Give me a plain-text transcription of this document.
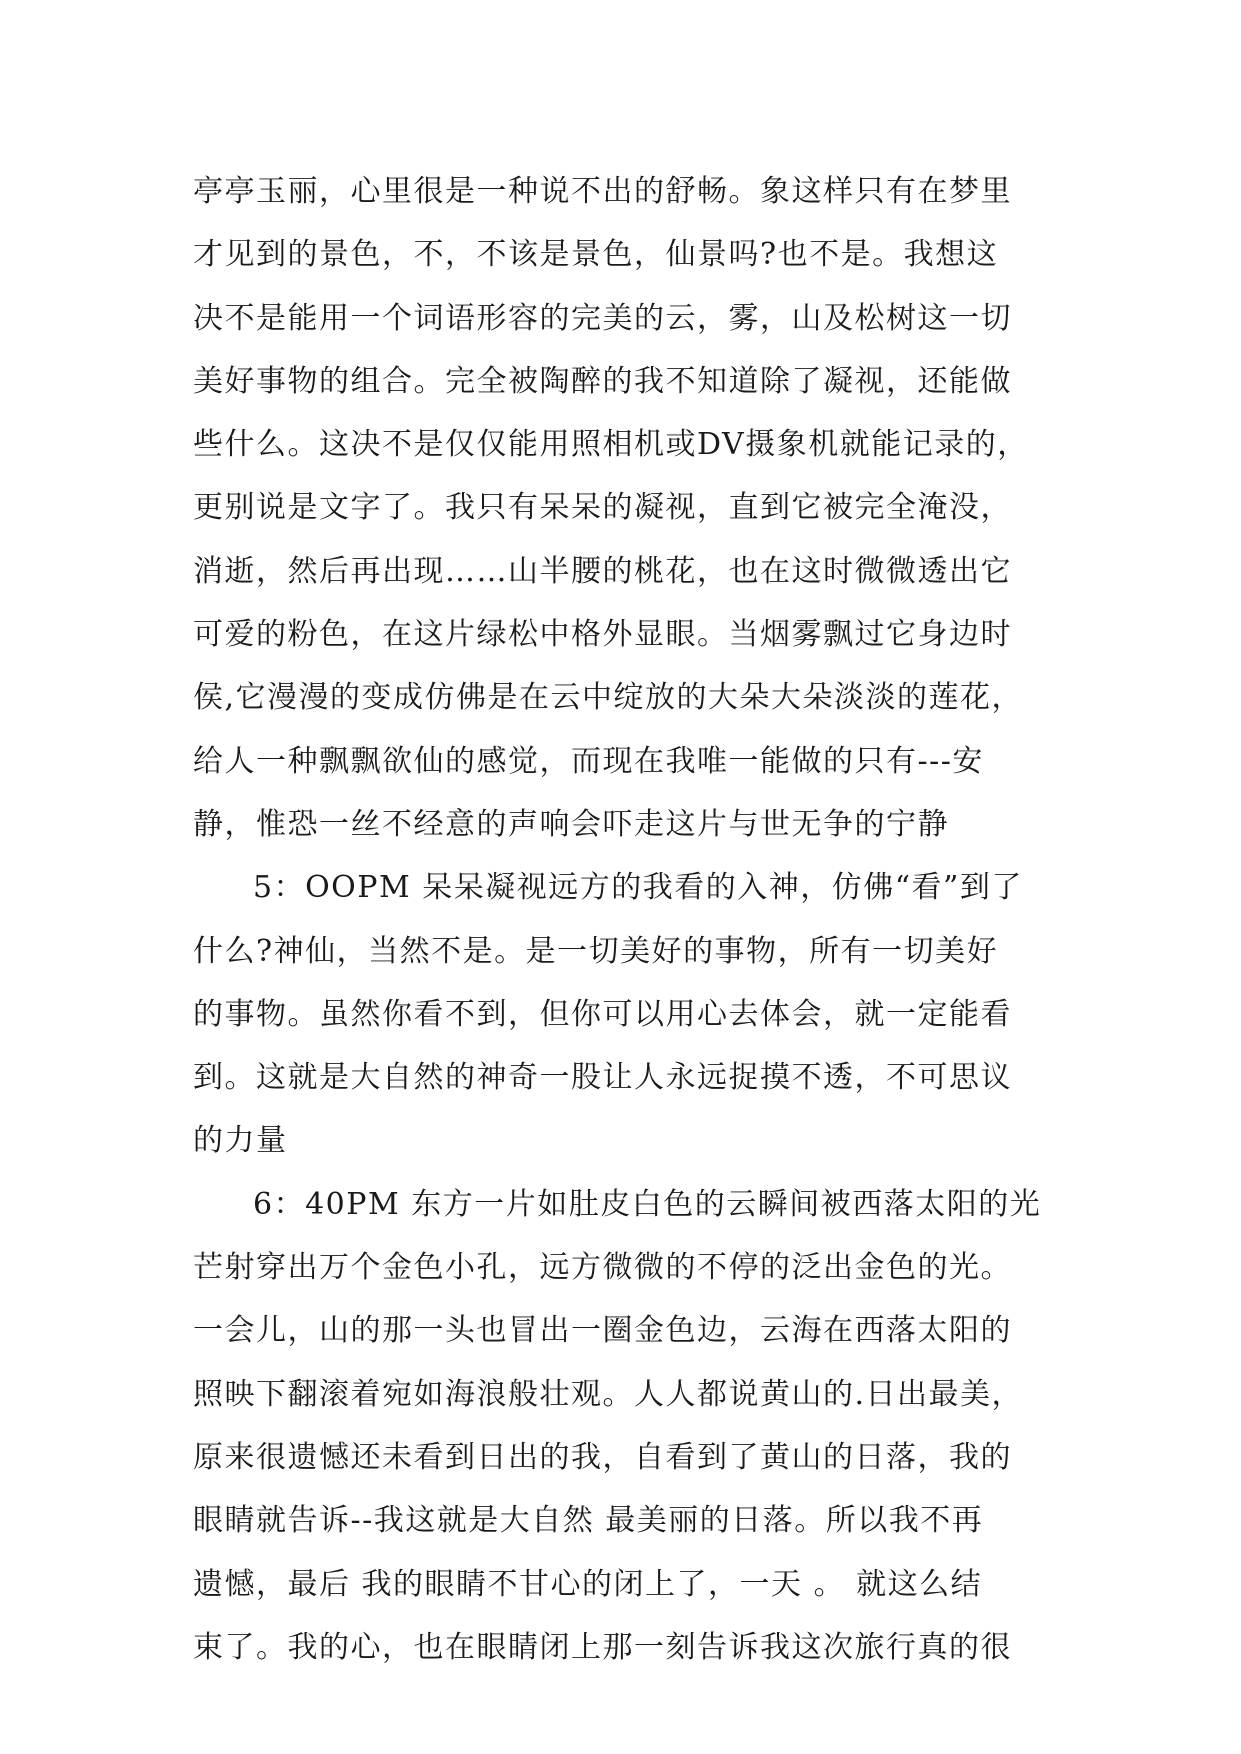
亭亭玉丽，心里很是一种说不出的舒畅。象这样只有在梦里
才见到的景色，不，不该是景色，仙景吗?也不是。我想这
决不是能用一个词语形容的完美的云，雾，山及松树这一切
美好事物的组合。完全被陶醉的我不知道除了凝视，还能做
些什么。这决不是仅仅能用照相机或DV摄象机就能记录的，
更别说是文字了。我只有呆呆的凝视，直到它被完全淹没，
消逝，然后再出现……山半腰的桃花，也在这时微微透出它
可爱的粉色，在这片绿松中格外显眼。当烟雾飘过它身边时
侯,它漫漫的变成仿佛是在云中绽放的大朵大朵淡淡的莲花，
给人一种飘飘欲仙的感觉，而现在我唯一能做的只有---安
静，惟恐一丝不经意的声响会吓走这片与世无争的宁静
5：OOPM 呆呆凝视远方的我看的入神，仿佛“看”到了
什么?神仙，当然不是。是一切美好的事物，所有一切美好
的事物。虽然你看不到，但你可以用心去体会，就一定能看
到。这就是大自然的神奇一股让人永远捉摸不透，不可思议
的力量
6：40PM 东方一片如肚皮白色的云瞬间被西落太阳的光
芒射穿出万个金色小孔，远方微微的不停的泛出金色的光。
一会儿，山的那一头也冒出一圈金色边，云海在西落太阳的
照映下翻滚着宛如海浪般壮观。人人都说黄山的.日出最美，
原来很遗憾还未看到日出的我，自看到了黄山的日落，我的
眼睛就告诉--我这就是大自然 最美丽的日落。所以我不再
遗憾，最后 我的眼睛不甘心的闭上了，一天 。 就这么结
束了。我的心，也在眼睛闭上那一刻告诉我这次旅行真的很
